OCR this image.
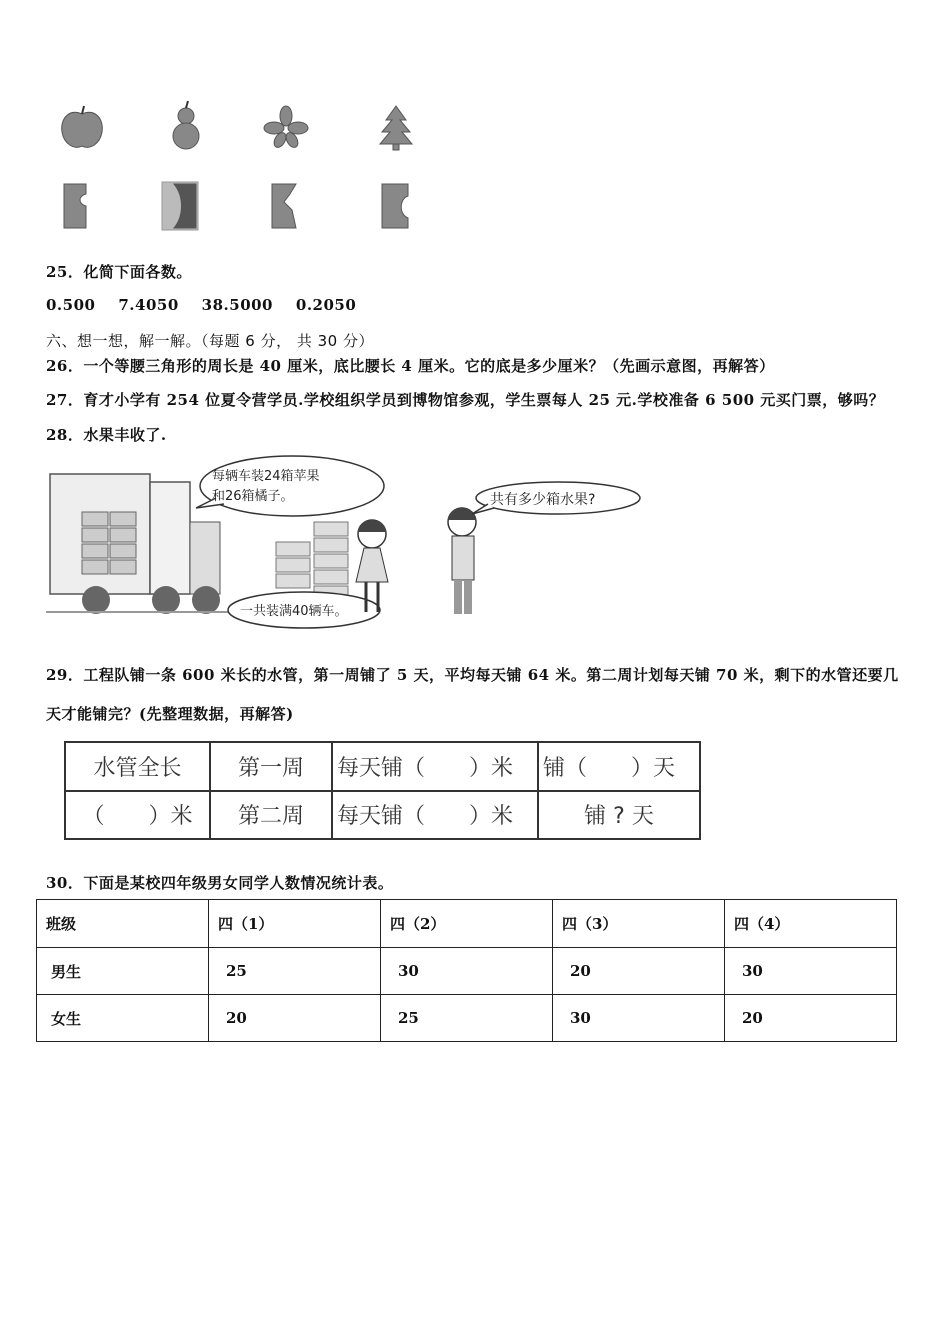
25．化简下面各数。
0.500    7.4050    38.5000    0.2050
六、想一想，解一解。（每题 6 分， 共 30 分）
26．一个等腰三角形的周长是 40 厘米，底比腰长 4 厘米。它的底是多少厘米？（先画示意图，再解答）
27．育才小学有 254 位夏令营学员.学校组织学员到博物馆参观，学生票每人 25 元.学校准备 6 500 元买门票，够吗？
28．水果丰收了.
每辆车装24箱苹果
和26箱橘子。
一共装满40辆车。
共有多少箱水果?
29．工程队铺一条 600 米长的水管，第一周铺了 5 天，平均每天铺 64 米。第二周计划每天铺 70 米，剩下的水管还要几
天才能铺完？(先整理数据，再解答)
水管全长	第一周	每天铺（　　）米	铺（　　）天
（　　）米	第二周	每天铺（　　）米	铺 ? 天
30．下面是某校四年级男女同学人数情况统计表。
班级	四（1）	四（2）	四（3）	四（4）
男生	25	30	20	30
女生	20	25	30	20
